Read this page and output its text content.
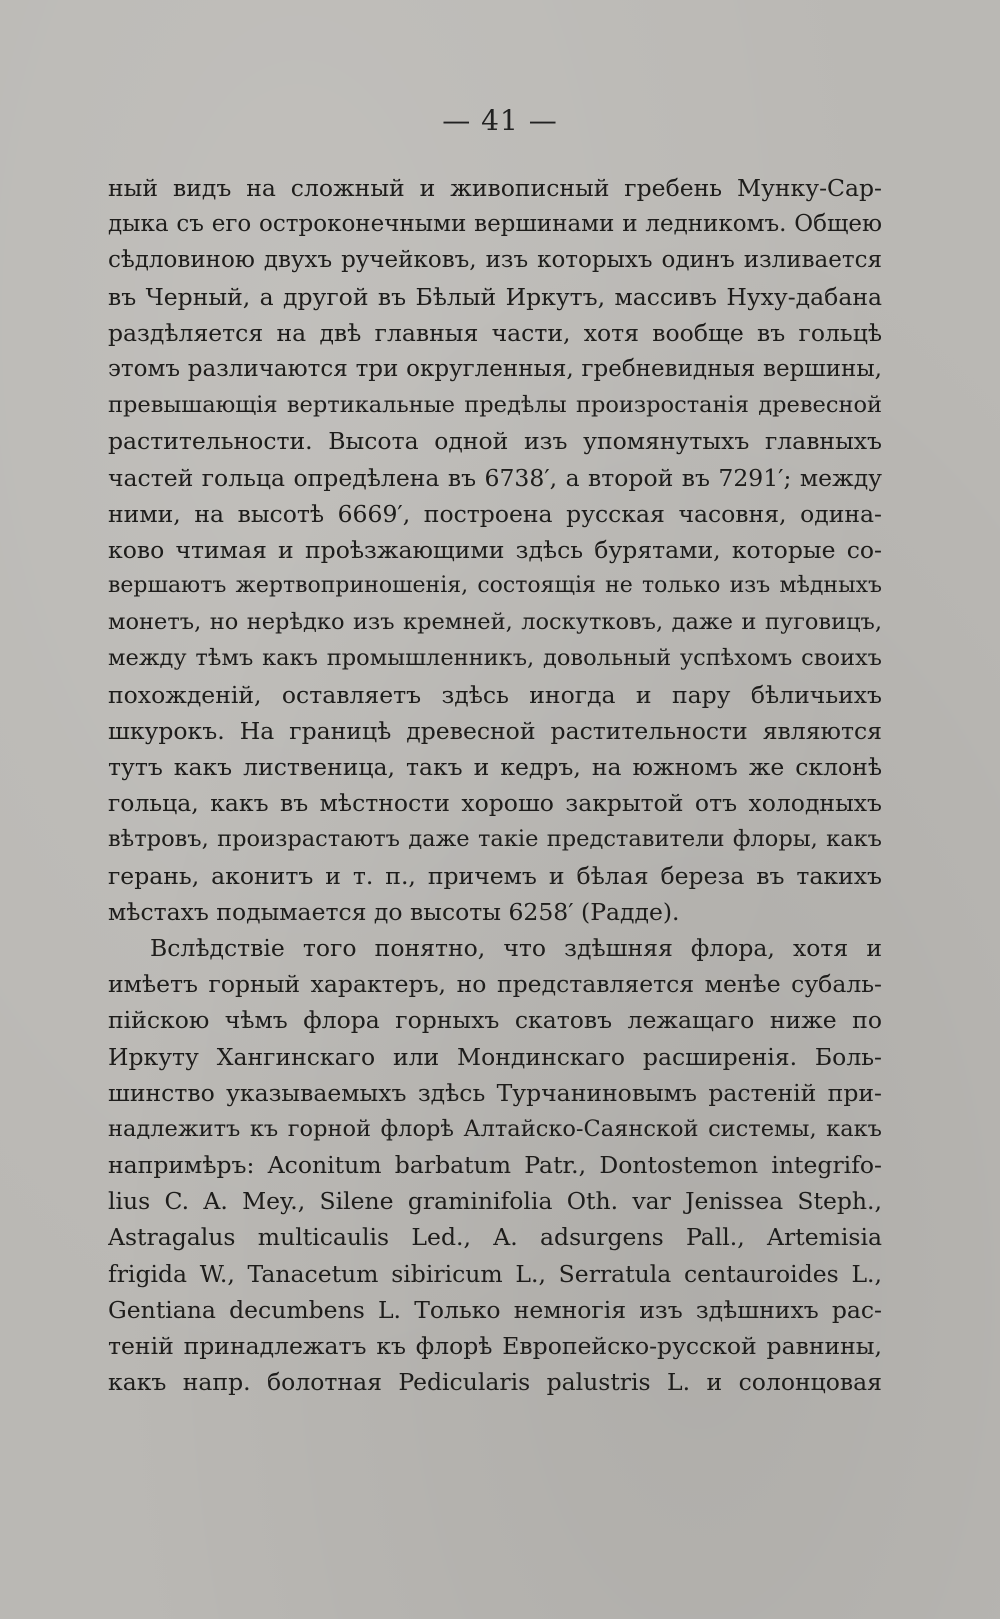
— 41 —
ный видъ на сложный и живописный гребень Мунку-Сар-
дыка съ его остроконечными вершинами и ледникомъ. Общею
сѣдловиною двухъ ручейковъ, изъ которыхъ одинъ изливается
въ Черный, а другой въ Бѣлый Иркутъ, массивъ Нуху-дабана
раздѣляется на двѣ главныя части, хотя вообще въ гольцѣ
этомъ различаются три округленныя, гребневидныя вершины,
превышающія вертикальные предѣлы произростанія древесной
растительности. Высота одной изъ упомянутыхъ главныхъ
частей гольца опредѣлена въ 6738′, а второй въ 7291′; между
ними, на высотѣ 6669′, построена русская часовня, одина-
ково чтимая и проѣзжающими здѣсь бурятами, которые со-
вершаютъ жертвоприношенія, состоящія не только изъ мѣдныхъ
монетъ, но нерѣдко изъ кремней, лоскутковъ, даже и пуговицъ,
между тѣмъ какъ промышленникъ, довольный успѣхомъ своихъ
похожденій, оставляетъ здѣсь иногда и пару бѣличьихъ
шкурокъ. На границѣ древесной растительности являются
тутъ какъ лиственица, такъ и кедръ, на южномъ же склонѣ
гольца, какъ въ мѣстности хорошо закрытой отъ холодныхъ
вѣтровъ, произрастаютъ даже такіе представители флоры, какъ
герань, аконитъ и т. п., причемъ и бѣлая береза въ такихъ
мѣстахъ подымается до высоты 6258′ (Радде).
Вслѣдствіе того понятно, что здѣшняя флора, хотя и
имѣетъ горный характеръ, но представляется менѣе субаль-
пійскою чѣмъ флора горныхъ скатовъ лежащаго ниже по
Иркуту Хангинскаго или Мондинскаго расширенія. Боль-
шинство указываемыхъ здѣсь Турчаниновымъ растеній при-
надлежитъ къ горной флорѣ Алтайско-Саянской системы, какъ
напримѣръ: Aconitum barbatum Patr., Dontostemon integrifo-
lius C. A. Mey., Silene graminifolia Oth. var Jenissea Steph.,
Astragalus multicaulis Led., A. adsurgens Pall., Artemisia
frigida W., Tanacetum sibiricum L., Serratula centauroides L.,
Gentiana decumbens L. Только немногія изъ здѣшнихъ рас-
теній принадлежатъ къ флорѣ Европейско-русской равнины,
какъ напр. болотная Pedicularis palustris L. и солонцовая
